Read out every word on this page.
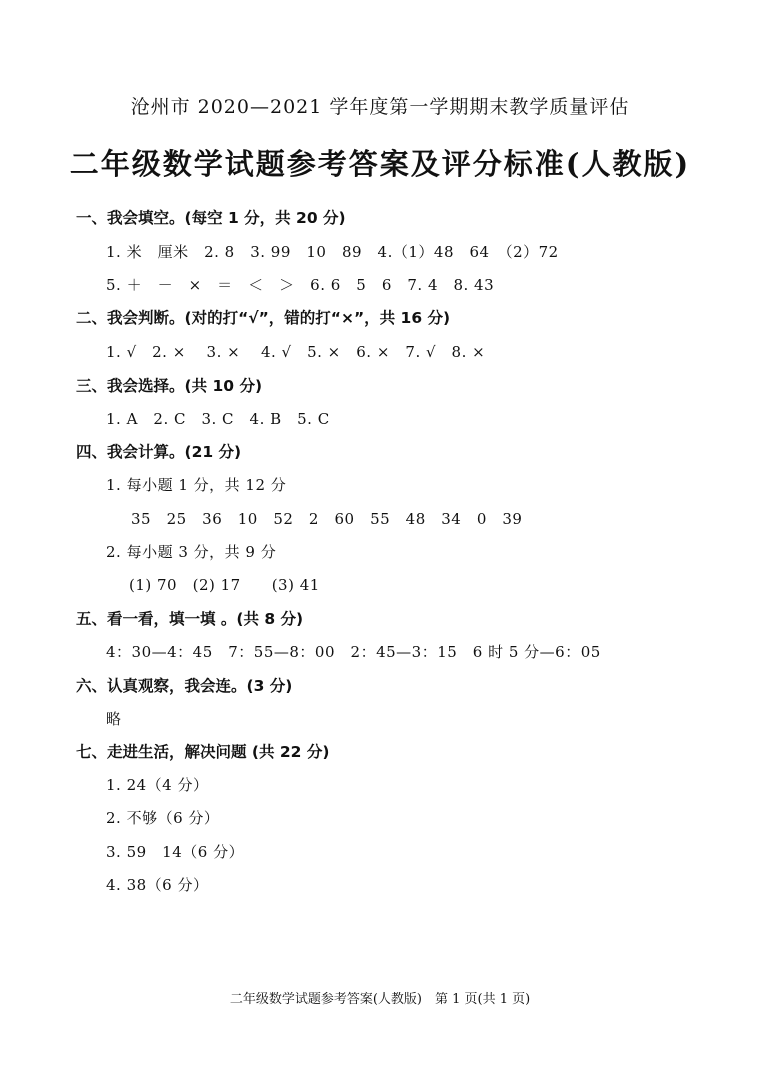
沧州市 2020—2021 学年度第一学期期末教学质量评估
二年级数学试题参考答案及评分标准(人教版)
一、我会填空。(每空 1 分，共 20 分)
1. 米　厘米　2. 8　3. 99　10　89　4.（1）48　64　（2）72
5. ＋　－　×　＝　＜　＞　6. 6　5　6　7. 4　8. 43
二、我会判断。(对的打“√”，错的打“×”，共 16 分)
1. √　2. ×　 3. ×　 4. √　5. ×　6. ×　7. √　8. ×
三、我会选择。(共 10 分)
1. A　2. C　3. C　4. B　5. C
四、我会计算。(21 分)
1. 每小题 1 分，共 12 分
35　25　36　10　52　2　60　55　48　34　0　39
2. 每小题 3 分，共 9 分
(1) 70　(2) 17　　(3) 41
五、看一看，填一填 。(共 8 分)
4：30—4：45　7：55—8：00　2：45—3：15　6 时 5 分—6：05
六、认真观察，我会连。(3 分)
略
七、走进生活，解决问题 (共 22 分)
1. 24（4 分）
2. 不够（6 分）
3. 59　14（6 分）
4. 38（6 分）
二年级数学试题参考答案(人教版)　第 1 页(共 1 页)
